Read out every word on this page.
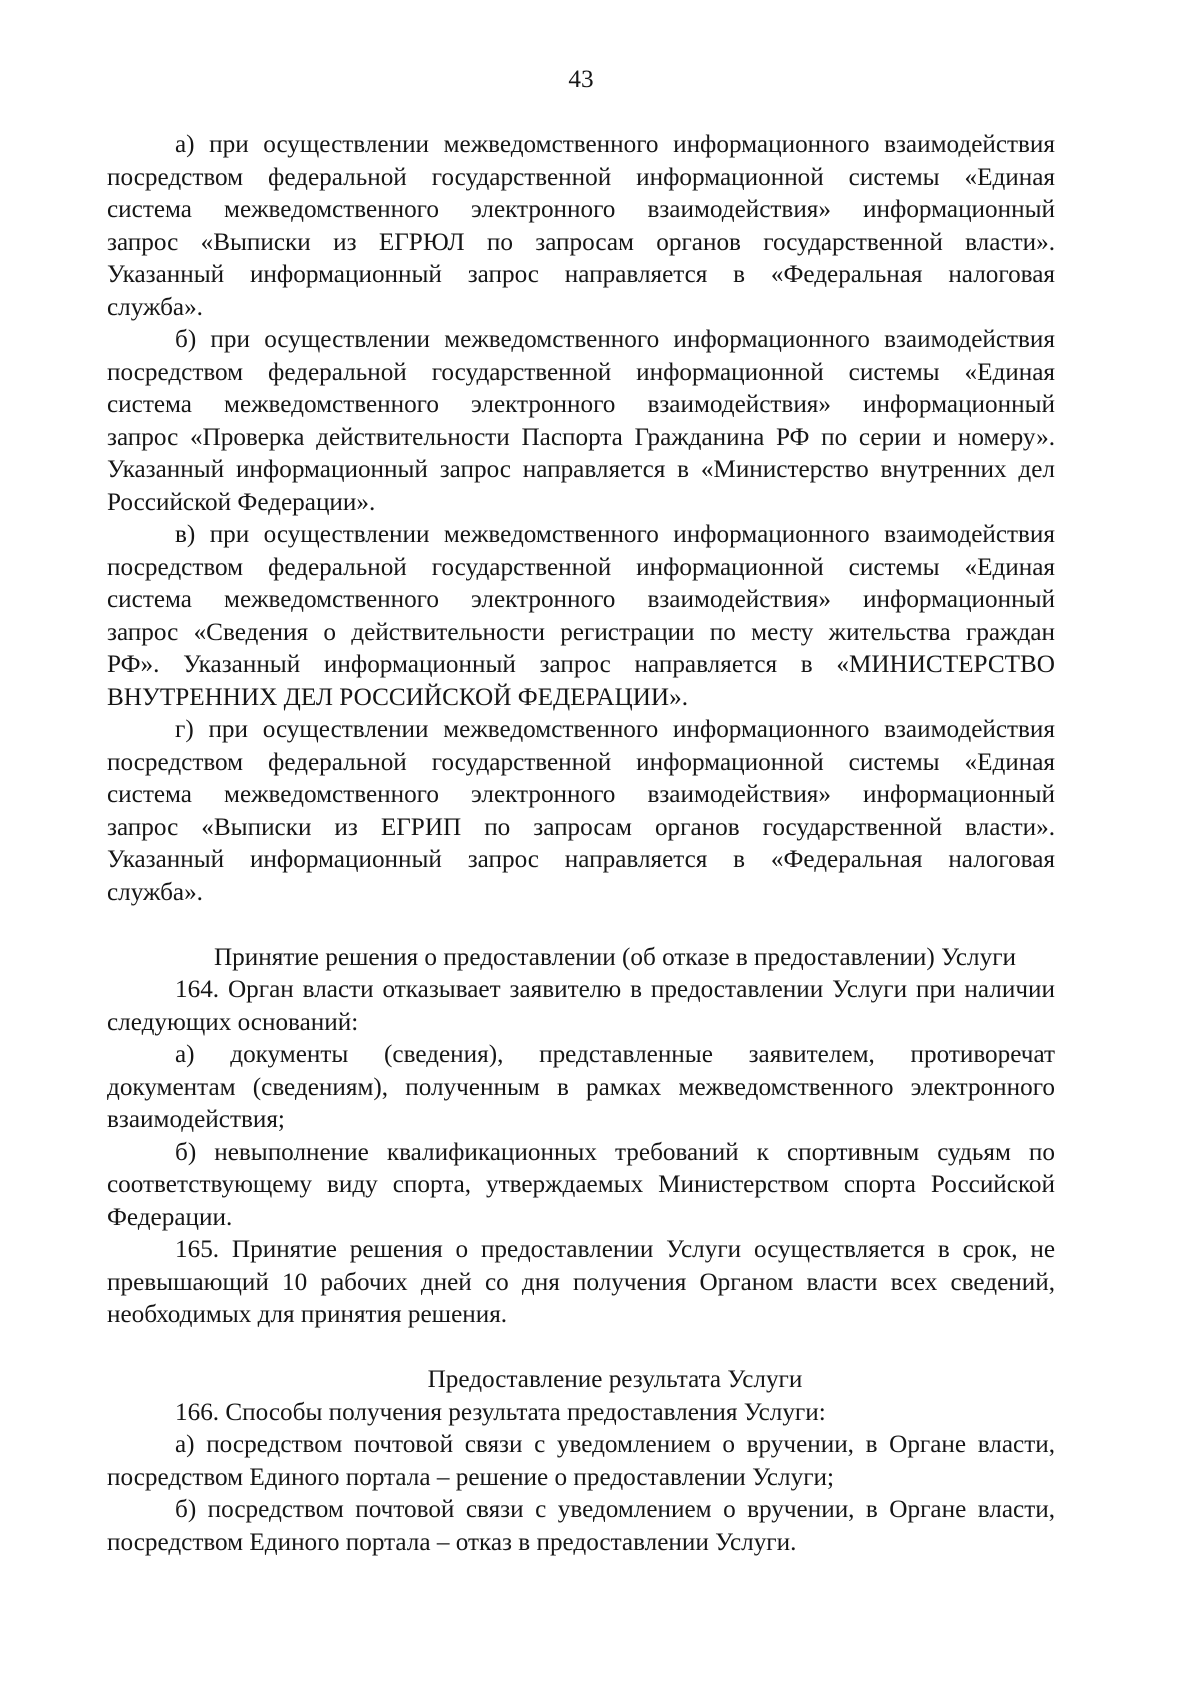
43
а) при осуществлении межведомственного информационного взаимодействия
посредством федеральной государственной информационной системы «Единая
система межведомственного электронного взаимодействия» информационный
запрос «Выписки из ЕГРЮЛ по запросам органов государственной власти».
Указанный информационный запрос направляется в «Федеральная налоговая
служба».
б) при осуществлении межведомственного информационного взаимодействия
посредством федеральной государственной информационной системы «Единая
система межведомственного электронного взаимодействия» информационный
запрос «Проверка действительности Паспорта Гражданина РФ по серии и номеру».
Указанный информационный запрос направляется в «Министерство внутренних дел
Российской Федерации».
в) при осуществлении межведомственного информационного взаимодействия
посредством федеральной государственной информационной системы «Единая
система межведомственного электронного взаимодействия» информационный
запрос «Сведения о действительности регистрации по месту жительства граждан
РФ». Указанный информационный запрос направляется в «МИНИСТЕРСТВО
ВНУТРЕННИХ ДЕЛ РОССИЙСКОЙ ФЕДЕРАЦИИ».
г) при осуществлении межведомственного информационного взаимодействия
посредством федеральной государственной информационной системы «Единая
система межведомственного электронного взаимодействия» информационный
запрос «Выписки из ЕГРИП по запросам органов государственной власти».
Указанный информационный запрос направляется в «Федеральная налоговая
служба».
Принятие решения о предоставлении (об отказе в предоставлении) Услуги
164. Орган власти отказывает заявителю в предоставлении Услуги при наличии
следующих оснований:
а) документы (сведения), представленные заявителем, противоречат
документам (сведениям), полученным в рамках межведомственного электронного
взаимодействия;
б) невыполнение квалификационных требований к спортивным судьям по
соответствующему виду спорта, утверждаемых Министерством спорта Российской
Федерации.
165. Принятие решения о предоставлении Услуги осуществляется в срок, не
превышающий 10 рабочих дней со дня получения Органом власти всех сведений,
необходимых для принятия решения.
Предоставление результата Услуги
166. Способы получения результата предоставления Услуги:
а) посредством почтовой связи с уведомлением о вручении, в Органе власти,
посредством Единого портала – решение о предоставлении Услуги;
б) посредством почтовой связи с уведомлением о вручении, в Органе власти,
посредством Единого портала – отказ в предоставлении Услуги.
